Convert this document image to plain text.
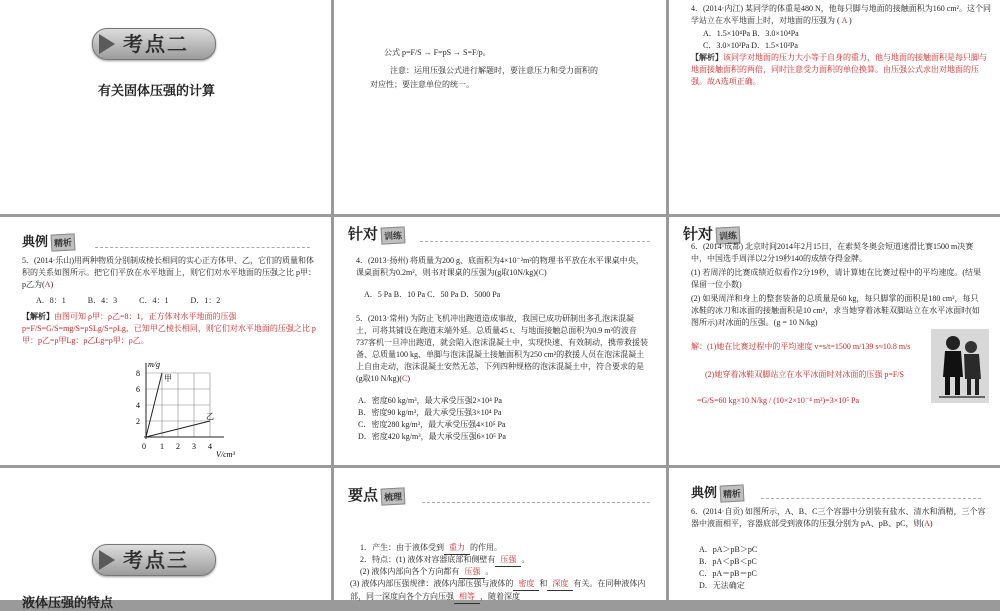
考点二
有关固体压强的计算
公式 p=F/S → F=pS → S=F/p。
注意：运用压强公式进行解题时，要注意压力和受力面积的
对应性；要注意单位的统一。
4．(2014·内江) 某同学的体重是480 N，他每只脚与地面的接触面积为160 cm²。这个同学站立在水平地面上时，对地面的压强为 ( A )
A．1.5×10⁴Pa B．3.0×10⁴Pa
C．3.0×10²Pa D．1.5×10²Pa
【解析】该同学对地面的压力大小等于自身的重力，他与地面的接触面积是每只脚与地面接触面积的两倍，同时注意受力面积的单位换算。由压强公式求出对地面的压强。故A选项正确。
典例 精析
5．(2014·乐山)用两种物质分别制成棱长相同的实心正方体甲、乙，它们的质量和体积的关系如图所示。把它们平放在水平地面上，则它们对水平地面的压强之比 p甲：p乙为(A)
A．8：1	B．4：3	C．4：1	D．1：2
【解析】由图可知 ρ甲：ρ乙=8：1，正方体对水平地面的压强 p=F/S=G/S=mg/S=ρSLg/S=ρLg，已知甲乙棱长相同，则它们对水平地面的压强之比 p甲：p乙=ρ甲Lg：ρ乙Lg=ρ甲：ρ乙。
m/g
V/cm³
甲
乙
8
6
4
2
0 1 2 3 4
针对 训练
4．(2013·扬州) 将质量为200 g、底面积为4×10⁻²m²的物理书平放在水平课桌中央，课桌面积为0.2m²，则书对课桌的压强为(g取10N/kg)(C)
A．5 Pa B．10 Pa C．50 Pa D．5000 Pa
5．(2013·常州) 为防止飞机冲出跑道造成事故，我国已成功研制出多孔泡沫混凝土，可将其铺设在跑道末端外延。总质量45 t、与地面接触总面积为0.9 m²的波音737客机一旦冲出跑道，就会陷入泡沫混凝土中，实现快速、有效制动，携带救援装备、总质量100 kg、单脚与泡沫混凝土接触面积为250 cm²的救援人员在泡沫混凝土上自由走动，泡沫混凝土安然无恙，下列四种规格的泡沫混凝土中，符合要求的是(g取10 N/kg)(C)
A．密度60 kg/m³，最大承受压强2×10⁴ Pa
B．密度90 kg/m³，最大承受压强3×10⁴ Pa
C．密度280 kg/m³，最大承受压强4×10⁵ Pa
D．密度420 kg/m³，最大承受压强6×10⁵ Pa
针对 训练
6．(2014·成都) 北京时间2014年2月15日，在索契冬奥会短道速滑比赛1500 m决赛中，中国选手周洋以2分19秒140的成绩夺得金牌。
(1) 若周洋的比赛成绩近似看作2分19秒，请计算她在比赛过程中的平均速度。(结果保留一位小数)
(2) 如果周洋和身上的整套装备的总质量是60 kg，每只脚掌的面积是180 cm²，每只冰鞋的冰刀和冰面的接触面积是10 cm²，求当她穿着冰鞋双脚站立在水平冰面时(如图所示)对冰面的压强。(g = 10 N/kg)
解：(1)她在比赛过程中的平均速度 v=s/t=1500 m/139 s≈10.8 m/s
(2)她穿着冰鞋双脚站立在水平冰面时对冰面的压强 p=F/S
=G/S=60 kg×10 N/kg / (10×2×10⁻⁴ m²)=3×10⁵ Pa
考点三
液体压强的特点
要点 梳理
1．产生：由于液体受到 重力 的作用。
2．特点：(1) 液体对容器底部和侧壁有 压强 。
(2) 液体内部向各个方向都有 压强 。
(3) 液体内部压强规律：液体内部压强与液体的 密度 和 深度 有关。在同种液体内部，同一深度向各个方向压强 相等 ，随着深度
典例 精析
6．(2014·自贡) 如图所示，A、B、C三个容器中分别装有盐水、清水和酒精，三个容器中液面相平，容器底部受到液体的压强分别为 pA、pB、pC，则(A)
A．pA＞pB＞pC
B．pA＜pB＜pC
C．pA＝pB＝pC
D．无法确定
